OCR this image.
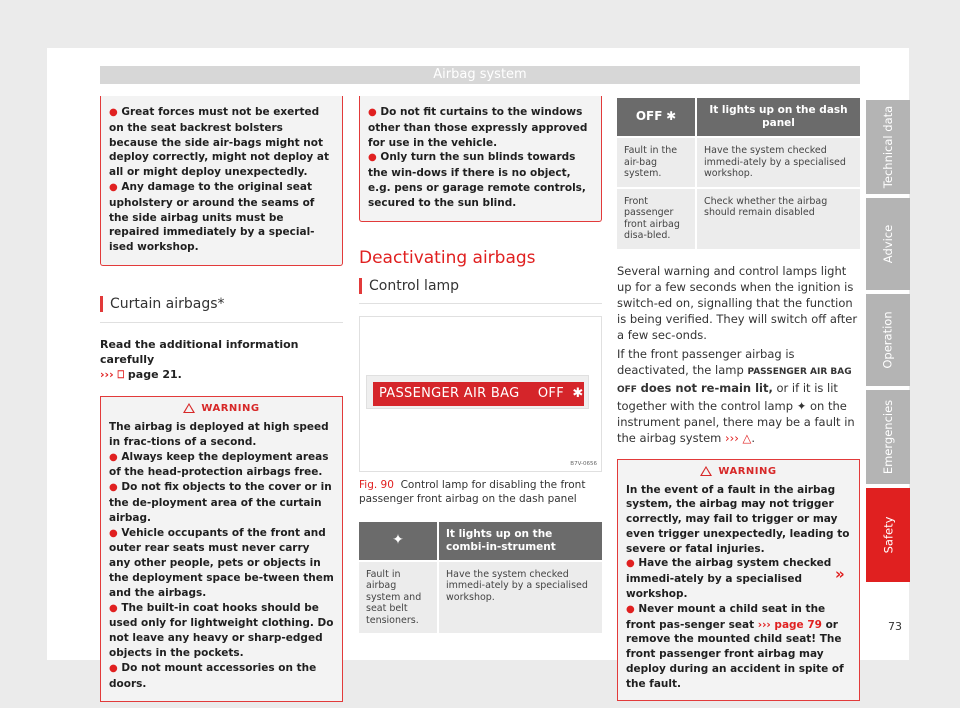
Airbag system
● Great forces must not be exerted on the seat backrest bolsters because the side air-bags might not deploy correctly, might not deploy at all or might deploy unexpectedly.
● Any damage to the original seat upholstery or around the seams of the side airbag units must be repaired immediately by a special-ised workshop.
Curtain airbags*
Read the additional information carefully
››› ⎕ page 21.
WARNING
The airbag is deployed at high speed in frac-tions of a second.
● Always keep the deployment areas of the head-protection airbags free.
● Do not fix objects to the cover or in the de-ployment area of the curtain airbag.
● Vehicle occupants of the front and outer rear seats must never carry any other people, pets or objects in the deployment space be-tween them and the airbags.
● The built-in coat hooks should be used only for lightweight clothing. Do not leave any heavy or sharp-edged objects in the pockets.
● Do not mount accessories on the doors.
● Do not fit curtains to the windows other than those expressly approved for use in the vehicle.
● Only turn the sun blinds towards the win-dows if there is no object, e.g. pens or garage remote controls, secured to the sun blind.
Deactivating airbags
Control lamp
PASSENGER AIR BAG OFF ✱
B7V-0656
Fig. 90 Control lamp for disabling the front passenger front airbag on the dash panel
✦	It lights up on the combi-in-strument
Fault in airbag system and seat belt tensioners.	Have the system checked immedi-ately by a specialised workshop.
OFF ✱	It lights up on the dash panel
Fault in the air-bag system.	Have the system checked immedi-ately by a specialised workshop.
Front passenger front airbag disa-bled.	Check whether the airbag should remain disabled

Several warning and control lamps light up for a few seconds when the ignition is switch-ed on, signalling that the function is being verified. They will switch off after a few sec-onds.

If the front passenger airbag is deactivated, the lamp PASSENGER AIR BAG OFF does not re-main lit, or if it is lit together with the control lamp ✦ on the instrument panel, there may be a fault in the airbag system ››› △.

WARNING
In the event of a fault in the airbag system, the airbag may not trigger correctly, may fail to trigger or may even trigger unexpectedly, leading to severe or fatal injuries.
● Have the airbag system checked immedi-ately by a specialised workshop.
● Never mount a child seat in the front pas-senger seat ››› page 79 or remove the mounted child seat! The front passenger front airbag may deploy during an accident in spite of the fault.
»
Technical data
Advice
Operation
Emergencies
Safety
73
